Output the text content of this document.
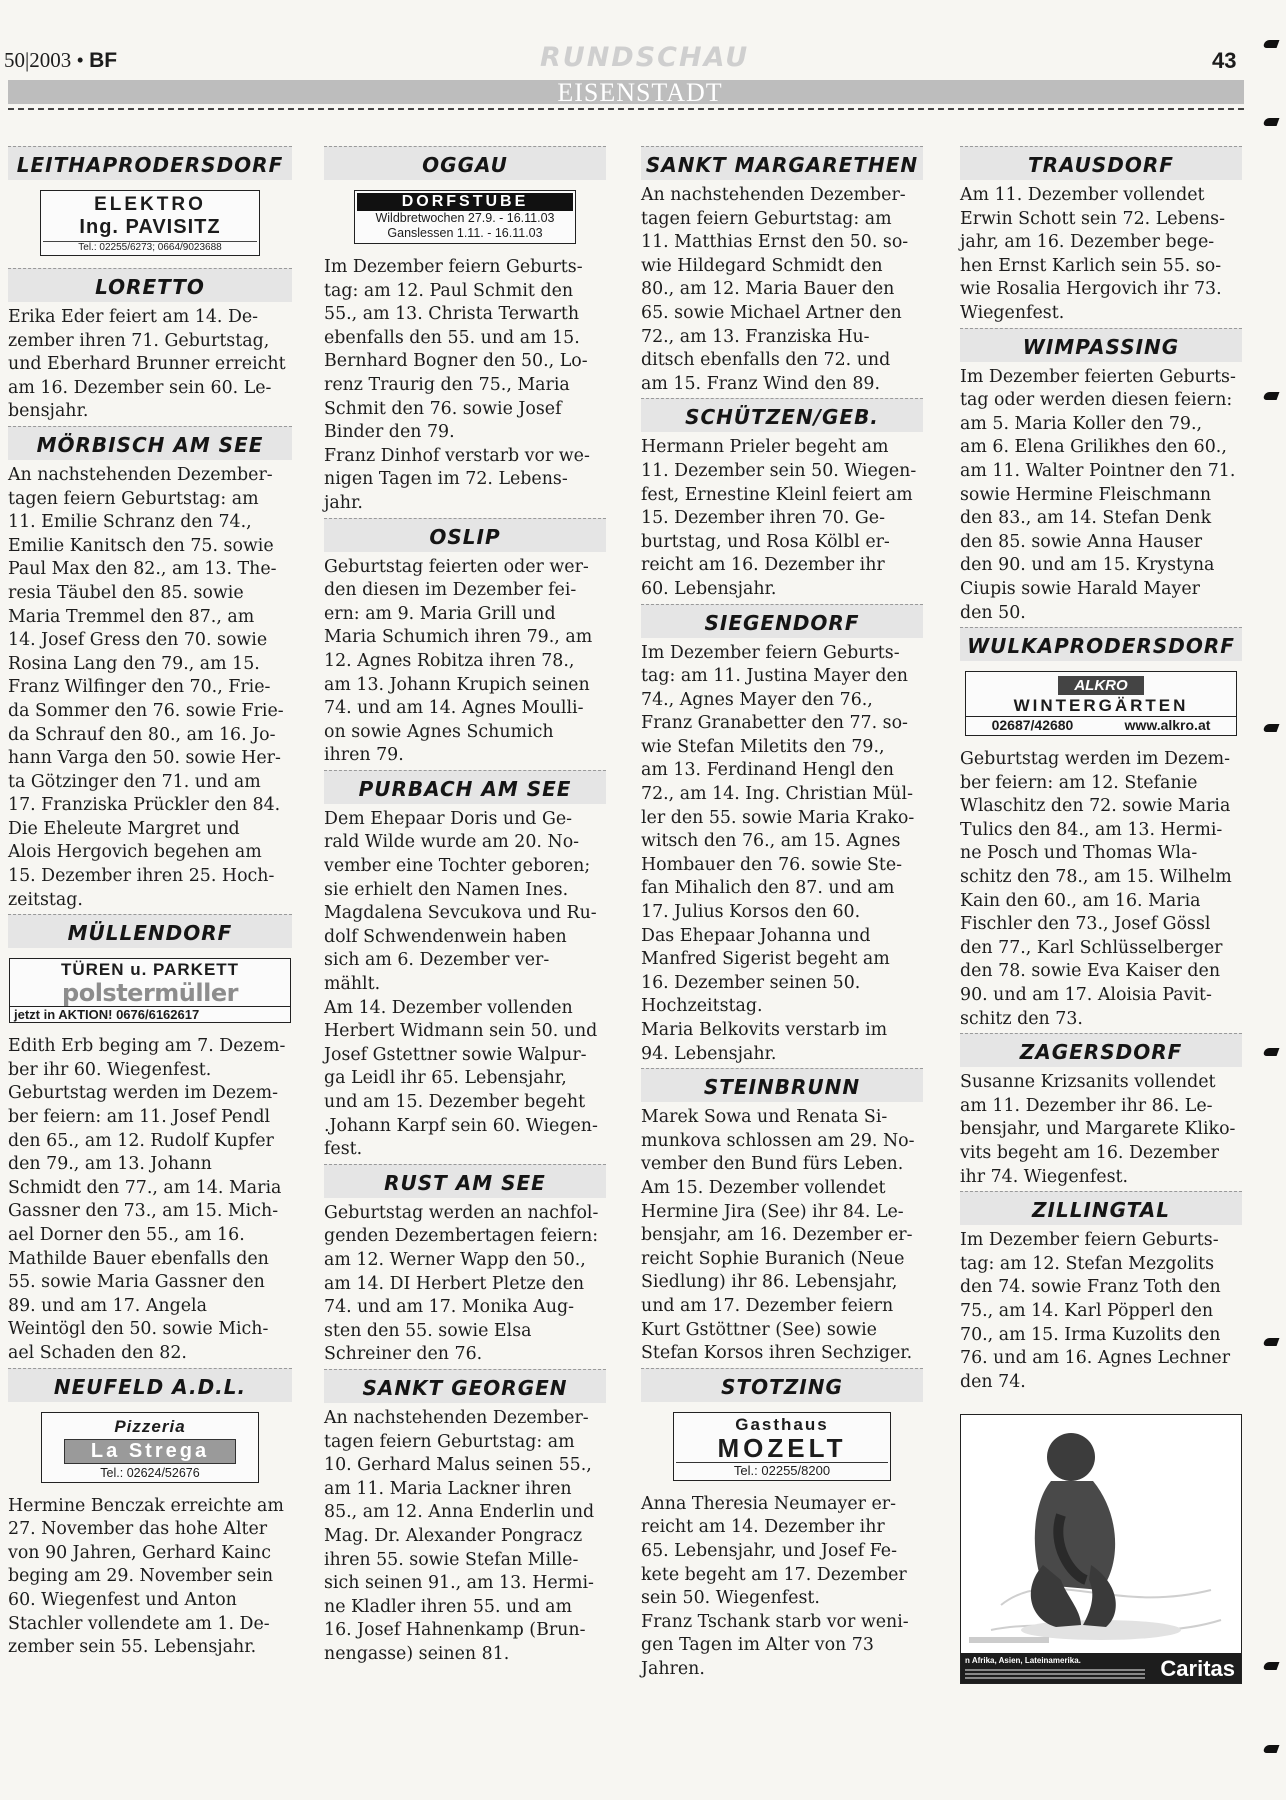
50|2003 • BF	RUNDSCHAU	43
EISENSTADT
LEITHAPRODERSDORF
ELEKTRO
Ing. PAVISITZ
Tel.: 02255/6273; 0664/9023688
LORETTO

Erika Eder feiert am 14. De-

zember ihren 71. Geburtstag,

und Eberhard Brunner erreicht

am 16. Dezember sein 60. Le-

bensjahr.

MÖRBISCH AM SEE

An nachstehenden Dezember-

tagen feiern Geburtstag: am

11. Emilie Schranz den 74.,

Emilie Kanitsch den 75. sowie

Paul Max den 82., am 13. The-

resia Täubel den 85. sowie

Maria Tremmel den 87., am

14. Josef Gress den 70. sowie

Rosina Lang den 79., am 15.

Franz Wilfinger den 70., Frie-

da Sommer den 76. sowie Frie-

da Schrauf den 80., am 16. Jo-

hann Varga den 50. sowie Her-

ta Götzinger den 71. und am

17. Franziska Prückler den 84.

Die Eheleute Margret und

Alois Hergovich begehen am

15. Dezember ihren 25. Hoch-

zeitstag.

MÜLLENDORF
TÜREN u. PARKETT
polstermüller
jetzt in AKTION! 0676/6162617

Edith Erb beging am 7. Dezem-

ber ihr 60. Wiegenfest.

Geburtstag werden im Dezem-

ber feiern: am 11. Josef Pendl

den 65., am 12. Rudolf Kupfer

den 79., am 13. Johann

Schmidt den 77., am 14. Maria

Gassner den 73., am 15. Mich-

ael Dorner den 55., am 16.

Mathilde Bauer ebenfalls den

55. sowie Maria Gassner den

89. und am 17. Angela

Weintögl den 50. sowie Mich-

ael Schaden den 82.

NEUFELD A.D.L.
Pizzeria
La Strega
Tel.: 02624/52676

Hermine Benczak erreichte am

27. November das hohe Alter

von 90 Jahren, Gerhard Kainc

beging am 29. November sein

60. Wiegenfest und Anton

Stachler vollendete am 1. De-

zember sein 55. Lebensjahr.

OGGAU
DORFSTUBE
Wildbretwochen 27.9. - 16.11.03
Ganslessen 1.11. - 16.11.03

Im Dezember feiern Geburts-

tag: am 12. Paul Schmit den

55., am 13. Christa Terwarth

ebenfalls den 55. und am 15.

Bernhard Bogner den 50., Lo-

renz Traurig den 75., Maria

Schmit den 76. sowie Josef

Binder den 79.

Franz Dinhof verstarb vor we-

nigen Tagen im 72. Lebens-

jahr.

OSLIP

Geburtstag feierten oder wer-

den diesen im Dezember fei-

ern: am 9. Maria Grill und

Maria Schumich ihren 79., am

12. Agnes Robitza ihren 78.,

am 13. Johann Krupich seinen

74. und am 14. Agnes Moulli-

on sowie Agnes Schumich

ihren 79.

PURBACH AM SEE

Dem Ehepaar Doris und Ge-

rald Wilde wurde am 20. No-

vember eine Tochter geboren;

sie erhielt den Namen Ines.

Magdalena Sevcukova und Ru-

dolf Schwendenwein haben

sich am 6. Dezember ver-

mählt.

Am 14. Dezember vollenden

Herbert Widmann sein 50. und

Josef Gstettner sowie Walpur-

ga Leidl ihr 65. Lebensjahr,

und am 15. Dezember begeht

.Johann Karpf sein 60. Wiegen-

fest.

RUST AM SEE

Geburtstag werden an nachfol-

genden Dezembertagen feiern:

am 12. Werner Wapp den 50.,

am 14. DI Herbert Pletze den

74. und am 17. Monika Aug-

sten den 55. sowie Elsa

Schreiner den 76.

SANKT GEORGEN

An nachstehenden Dezember-

tagen feiern Geburtstag: am

10. Gerhard Malus seinen 55.,

am 11. Maria Lackner ihren

85., am 12. Anna Enderlin und

Mag. Dr. Alexander Pongracz

ihren 55. sowie Stefan Mille-

sich seinen 91., am 13. Hermi-

ne Kladler ihren 55. und am

16. Josef Hahnenkamp (Brun-

nengasse) seinen 81.

SANKT MARGARETHEN

An nachstehenden Dezember-

tagen feiern Geburtstag: am

11. Matthias Ernst den 50. so-

wie Hildegard Schmidt den

80., am 12. Maria Bauer den

65. sowie Michael Artner den

72., am 13. Franziska Hu-

ditsch ebenfalls den 72. und

am 15. Franz Wind den 89.

SCHÜTZEN/GEB.

Hermann Prieler begeht am

11. Dezember sein 50. Wiegen-

fest, Ernestine Kleinl feiert am

15. Dezember ihren 70. Ge-

burtstag, und Rosa Kölbl er-

reicht am 16. Dezember ihr

60. Lebensjahr.

SIEGENDORF

Im Dezember feiern Geburts-

tag: am 11. Justina Mayer den

74., Agnes Mayer den 76.,

Franz Granabetter den 77. so-

wie Stefan Miletits den 79.,

am 13. Ferdinand Hengl den

72., am 14. Ing. Christian Mül-

ler den 55. sowie Maria Krako-

witsch den 76., am 15. Agnes

Hombauer den 76. sowie Ste-

fan Mihalich den 87. und am

17. Julius Korsos den 60.

Das Ehepaar Johanna und

Manfred Sigerist begeht am

16. Dezember seinen 50.

Hochzeitstag.

Maria Belkovits verstarb im

94. Lebensjahr.

STEINBRUNN

Marek Sowa und Renata Si-

munkova schlossen am 29. No-

vember den Bund fürs Leben.

Am 15. Dezember vollendet

Hermine Jira (See) ihr 84. Le-

bensjahr, am 16. Dezember er-

reicht Sophie Buranich (Neue

Siedlung) ihr 86. Lebensjahr,

und am 17. Dezember feiern

Kurt Gstöttner (See) sowie

Stefan Korsos ihren Sechziger.

STOTZING
Gasthaus
MOZELT
Tel.: 02255/8200

Anna Theresia Neumayer er-

reicht am 14. Dezember ihr

65. Lebensjahr, und Josef Fe-

kete begeht am 17. Dezember

sein 50. Wiegenfest.

Franz Tschank starb vor weni-

gen Tagen im Alter von 73

Jahren.

TRAUSDORF

Am 11. Dezember vollendet

Erwin Schott sein 72. Lebens-

jahr, am 16. Dezember bege-

hen Ernst Karlich sein 55. so-

wie Rosalia Hergovich ihr 73.

Wiegenfest.

WIMPASSING

Im Dezember feierten Geburts-

tag oder werden diesen feiern:

am 5. Maria Koller den 79.,

am 6. Elena Grilikhes den 60.,

am 11. Walter Pointner den 71.

sowie Hermine Fleischmann

den 83., am 14. Stefan Denk

den 85. sowie Anna Hauser

den 90. und am 15. Krystyna

Ciupis sowie Harald Mayer

den 50.

WULKAPRODERSDORF
ALKRO
WINTERGÄRTEN
02687/42680	www.alkro.at

Geburtstag werden im Dezem-

ber feiern: am 12. Stefanie

Wlaschitz den 72. sowie Maria

Tulics den 84., am 13. Hermi-

ne Posch und Thomas Wla-

schitz den 78., am 15. Wilhelm

Kain den 60., am 16. Maria

Fischler den 73., Josef Gössl

den 77., Karl Schlüsselberger

den 78. sowie Eva Kaiser den

90. und am 17. Aloisia Pavit-

schitz den 73.

ZAGERSDORF

Susanne Krizsanits vollendet

am 11. Dezember ihr 86. Le-

bensjahr, und Margarete Kliko-

vits begeht am 16. Dezember

ihr 74. Wiegenfest.

ZILLINGTAL

Im Dezember feiern Geburts-

tag: am 12. Stefan Mezgolits

den 74. sowie Franz Toth den

75., am 14. Karl Pöpperl den

70., am 15. Irma Kuzolits den

76. und am 16. Agnes Lechner

den 74.

n Afrika, Asien, Lateinamerika.	Caritas
